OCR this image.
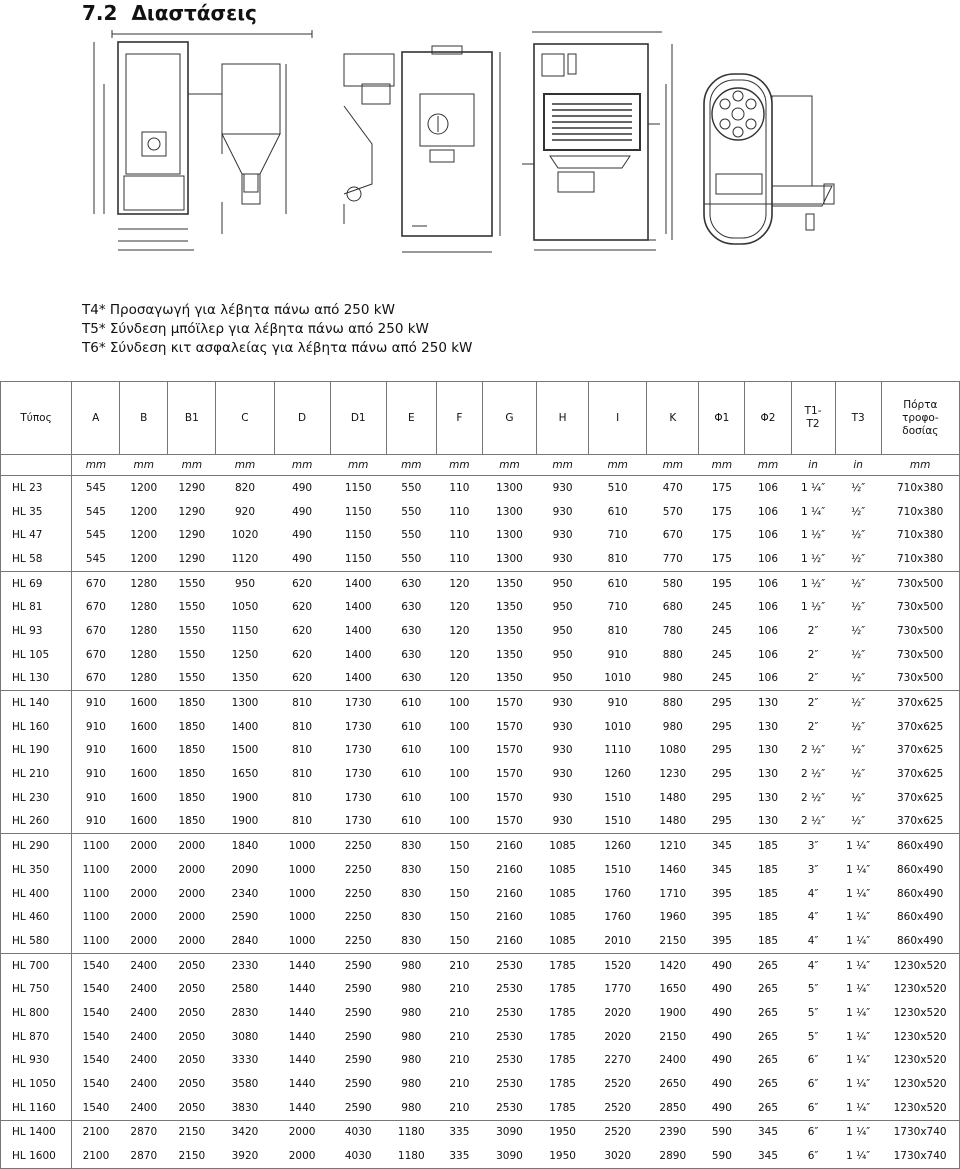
7.2 Διαστάσεις
T4* Προσαγωγή για λέβητα πάνω από 250 kW
T5* Σύνδεση μπόϊλερ για λέβητα πάνω από 250 kW
T6* Σύνδεση κιτ ασφαλείας για λέβητα πάνω από 250 kW
Τύπος	A	B	B1	C	D	D1	E	F	G	H	I	K	Φ1	Φ2	T1-
T2	T3	Πόρτα
τροφο-
δοσίας
	mm	mm	mm	mm	mm	mm	mm	mm	mm	mm	mm	mm	mm	mm	in	in	mm
HL 23	545	1200	1290	820	490	1150	550	110	1300	930	510	470	175	106	1 ¼″	½″	710x380
HL 35	545	1200	1290	920	490	1150	550	110	1300	930	610	570	175	106	1 ¼″	½″	710x380
HL 47	545	1200	1290	1020	490	1150	550	110	1300	930	710	670	175	106	1 ½″	½″	710x380
HL 58	545	1200	1290	1120	490	1150	550	110	1300	930	810	770	175	106	1 ½″	½″	710x380
HL 69	670	1280	1550	950	620	1400	630	120	1350	950	610	580	195	106	1 ½″	½″	730x500
HL 81	670	1280	1550	1050	620	1400	630	120	1350	950	710	680	245	106	1 ½″	½″	730x500
HL 93	670	1280	1550	1150	620	1400	630	120	1350	950	810	780	245	106	2″	½″	730x500
HL 105	670	1280	1550	1250	620	1400	630	120	1350	950	910	880	245	106	2″	½″	730x500
HL 130	670	1280	1550	1350	620	1400	630	120	1350	950	1010	980	245	106	2″	½″	730x500
HL 140	910	1600	1850	1300	810	1730	610	100	1570	930	910	880	295	130	2″	½″	370x625
HL 160	910	1600	1850	1400	810	1730	610	100	1570	930	1010	980	295	130	2″	½″	370x625
HL 190	910	1600	1850	1500	810	1730	610	100	1570	930	1110	1080	295	130	2 ½″	½″	370x625
HL 210	910	1600	1850	1650	810	1730	610	100	1570	930	1260	1230	295	130	2 ½″	½″	370x625
HL 230	910	1600	1850	1900	810	1730	610	100	1570	930	1510	1480	295	130	2 ½″	½″	370x625
HL 260	910	1600	1850	1900	810	1730	610	100	1570	930	1510	1480	295	130	2 ½″	½″	370x625
HL 290	1100	2000	2000	1840	1000	2250	830	150	2160	1085	1260	1210	345	185	3″	1 ¼″	860x490
HL 350	1100	2000	2000	2090	1000	2250	830	150	2160	1085	1510	1460	345	185	3″	1 ¼″	860x490
HL 400	1100	2000	2000	2340	1000	2250	830	150	2160	1085	1760	1710	395	185	4″	1 ¼″	860x490
HL 460	1100	2000	2000	2590	1000	2250	830	150	2160	1085	1760	1960	395	185	4″	1 ¼″	860x490
HL 580	1100	2000	2000	2840	1000	2250	830	150	2160	1085	2010	2150	395	185	4″	1 ¼″	860x490
HL 700	1540	2400	2050	2330	1440	2590	980	210	2530	1785	1520	1420	490	265	4″	1 ¼″	1230x520
HL 750	1540	2400	2050	2580	1440	2590	980	210	2530	1785	1770	1650	490	265	5″	1 ¼″	1230x520
HL 800	1540	2400	2050	2830	1440	2590	980	210	2530	1785	2020	1900	490	265	5″	1 ¼″	1230x520
HL 870	1540	2400	2050	3080	1440	2590	980	210	2530	1785	2020	2150	490	265	5″	1 ¼″	1230x520
HL 930	1540	2400	2050	3330	1440	2590	980	210	2530	1785	2270	2400	490	265	6″	1 ¼″	1230x520
HL 1050	1540	2400	2050	3580	1440	2590	980	210	2530	1785	2520	2650	490	265	6″	1 ¼″	1230x520
HL 1160	1540	2400	2050	3830	1440	2590	980	210	2530	1785	2520	2850	490	265	6″	1 ¼″	1230x520
HL 1400	2100	2870	2150	3420	2000	4030	1180	335	3090	1950	2520	2390	590	345	6″	1 ¼″	1730x740
HL 1600	2100	2870	2150	3920	2000	4030	1180	335	3090	1950	3020	2890	590	345	6″	1 ¼″	1730x740
